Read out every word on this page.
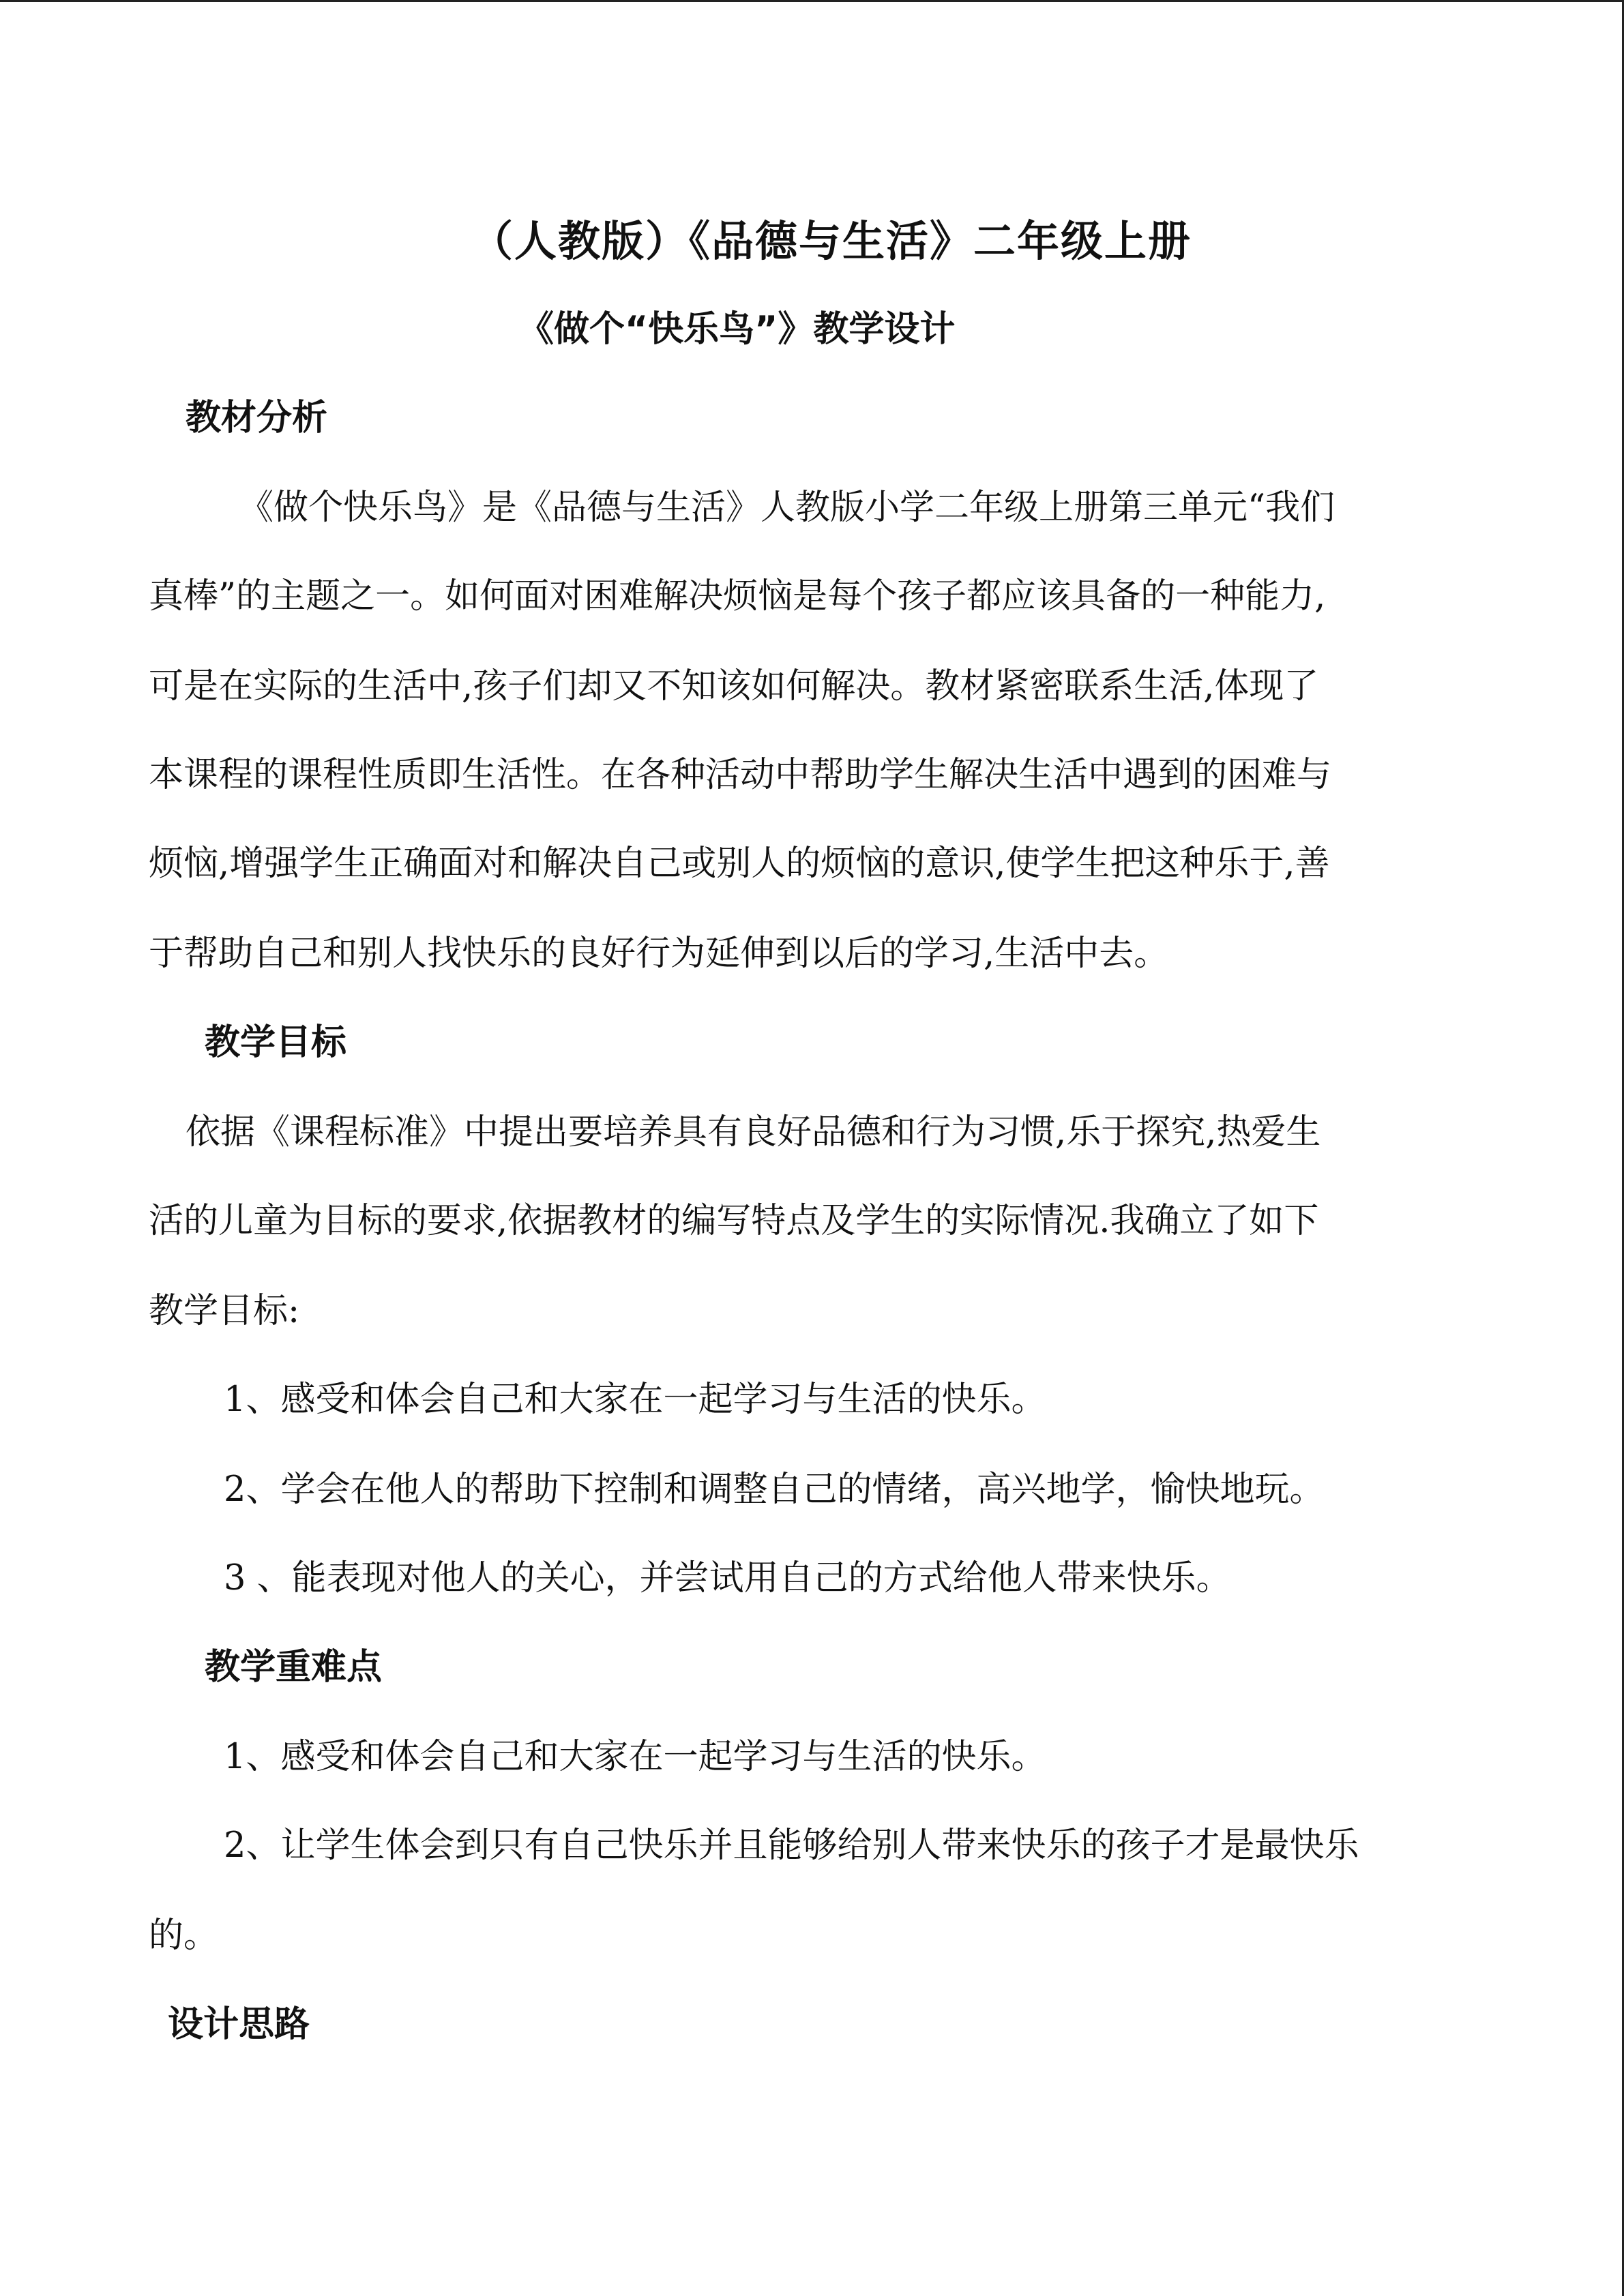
（人教版）《品德与生活》二年级上册

《做个“快乐鸟”》教学设计

教材分析

《做个快乐鸟》是《品德与生活》人教版小学二年级上册第三单元“我们

真棒”的主题之一。如何面对困难解决烦恼是每个孩子都应该具备的一种能力,

可是在实际的生活中,孩子们却又不知该如何解决。教材紧密联系生活,体现了

本课程的课程性质即生活性。在各种活动中帮助学生解决生活中遇到的困难与

烦恼,增强学生正确面对和解决自己或别人的烦恼的意识,使学生把这种乐于,善

于帮助自己和别人找快乐的良好行为延伸到以后的学习,生活中去。

教学目标

依据《课程标准》中提出要培养具有良好品德和行为习惯,乐于探究,热爱生

活的儿童为目标的要求,依据教材的编写特点及学生的实际情况.我确立了如下

教学目标:

1、感受和体会自己和大家在一起学习与生活的快乐。

2、学会在他人的帮助下控制和调整自己的情绪，高兴地学，愉快地玩。

3 、能表现对他人的关心，并尝试用自己的方式给他人带来快乐。

教学重难点

1、感受和体会自己和大家在一起学习与生活的快乐。

2、让学生体会到只有自己快乐并且能够给别人带来快乐的孩子才是最快乐

的。

设计思路
